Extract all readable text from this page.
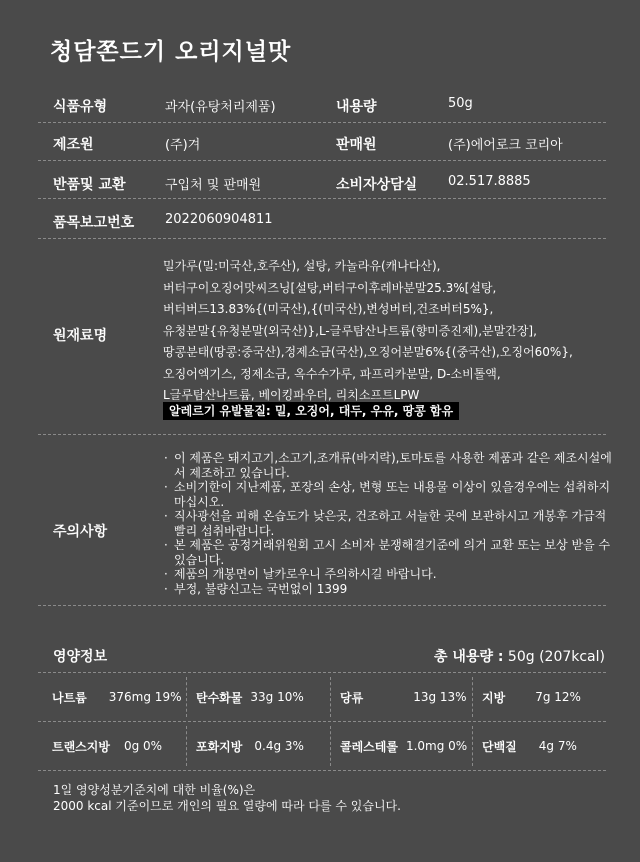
청담쫀드기 오리지널맛
식품유형	과자(유탕처리제품)	내용량	50g
제조원	(주)겨	판매원	(주)에어로크 코리아
반품및 교환	구입처 및 판매원	소비자상담실 02.517.8885
품목보고번호 2022060904811
원재료명
밀가루(밀:미국산,호주산), 설탕, 카놀라유(캐나다산),
버터구이오징어맛씨즈닝[설탕,버터구이후레바분말25.3%[설탕,
버터버드13.83%{(미국산),{(미국산),변성버터,건조버터5%},
유청분말{유청분말(외국산)},L-글루탐산나트륨(향미증진제),분말간장],
땅콩분태(땅콩:중국산),정제소금(국산),오징어분말6%{(중국산),오징어60%},
오징어엑기스, 정제소금, 옥수수가루, 파프리카분말, D-소비톨액,
L글루탐산나트륨, 베이킹파우더, 리치소프트LPW
알레르기 유발물질: 밀, 오징어, 대두, 우유, 땅콩 함유
주의사항
· 이 제품은 돼지고기,소고기,조개류(바지락),토마토를 사용한 제품과 같은 제조시설에서 제조하고 있습니다.
· 소비기한이 지난제품, 포장의 손상, 변형 또는 내용물 이상이 있을경우에는 섭취하지 마십시오.
· 직사광선을 피해 온습도가 낮은곳, 건조하고 서늘한 곳에 보관하시고 개봉후 가급적 빨리 섭취바랍니다.
· 본 제품은 공정거래위원회 고시 소비자 분쟁해결기준에 의거 교환 또는 보상 받을 수 있습니다.
· 제품의 개봉면이 날카로우니 주의하시길 바랍니다.
· 부정, 불량신고는 국번없이 1399
영양정보	총 내용량 : 50g (207kcal)
나트륨 376mg 19% 탄수화물 33g 10%	당류	13g 13% 지방	7g 12%
트랜스지방 0g 0%	포화지방 0.4g 3%	콜레스테롤 1.0mg 0% 단백질 4g 7%
1일 영양성분기준치에 대한 비율(%)은
2000 kcal 기준이므로 개인의 필요 열량에 따라 다를 수 있습니다.
